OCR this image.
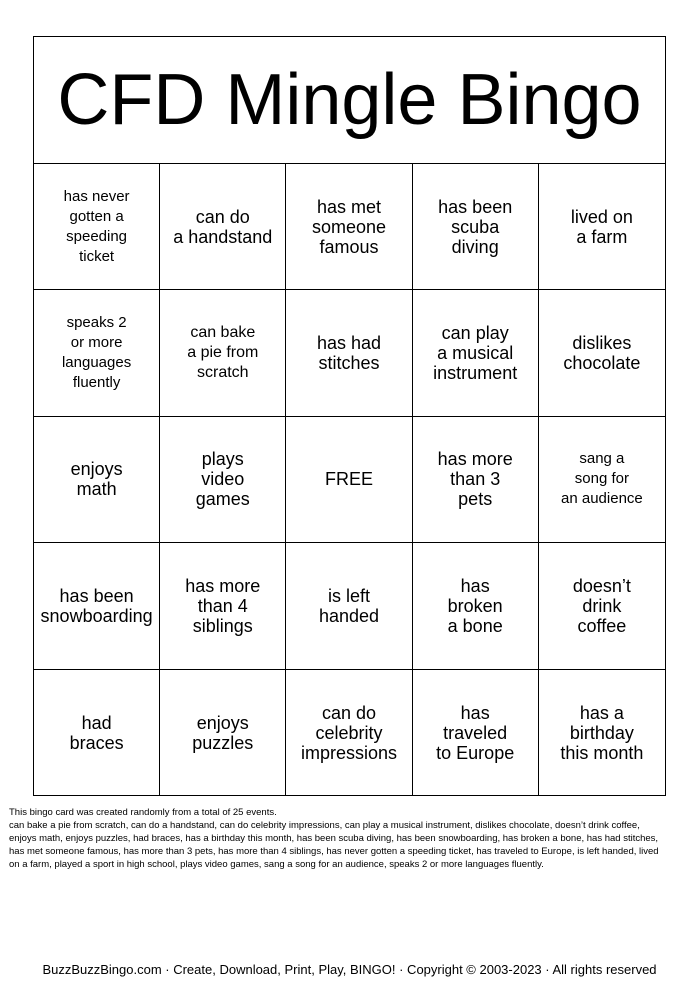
CFD Mingle Bingo
has never
gotten a
speeding
ticket
can do
a handstand
has met
someone
famous
has been
scuba
diving
lived on
a farm
speaks 2
or more
languages
fluently
can bake
a pie from
scratch
has had
stitches
can play
a musical
instrument
dislikes
chocolate
enjoys
math
plays
video
games
FREE
has more
than 3
pets
sang a
song for
an audience
has been
snowboarding
has more
than 4
siblings
is left
handed
has
broken
a bone
doesn’t
drink
coffee
had
braces
enjoys
puzzles
can do
celebrity
impressions
has
traveled
to Europe
has a
birthday
this month
This bingo card was created randomly from a total of 25 events.
can bake a pie from scratch, can do a handstand, can do celebrity impressions, can play a musical instrument, dislikes chocolate, doesn’t drink coffee, enjoys math, enjoys puzzles, had braces, has a birthday this month, has been scuba diving, has been snowboarding, has broken a bone, has had stitches, has met someone famous, has more than 3 pets, has more than 4 siblings, has never gotten a speeding ticket, has traveled to Europe, is left handed, lived on a farm, played a sport in high school, plays video games, sang a song for an audience, speaks 2 or more languages fluently.
BuzzBuzzBingo.com · Create, Download, Print, Play, BINGO! · Copyright © 2003-2023 · All rights reserved
